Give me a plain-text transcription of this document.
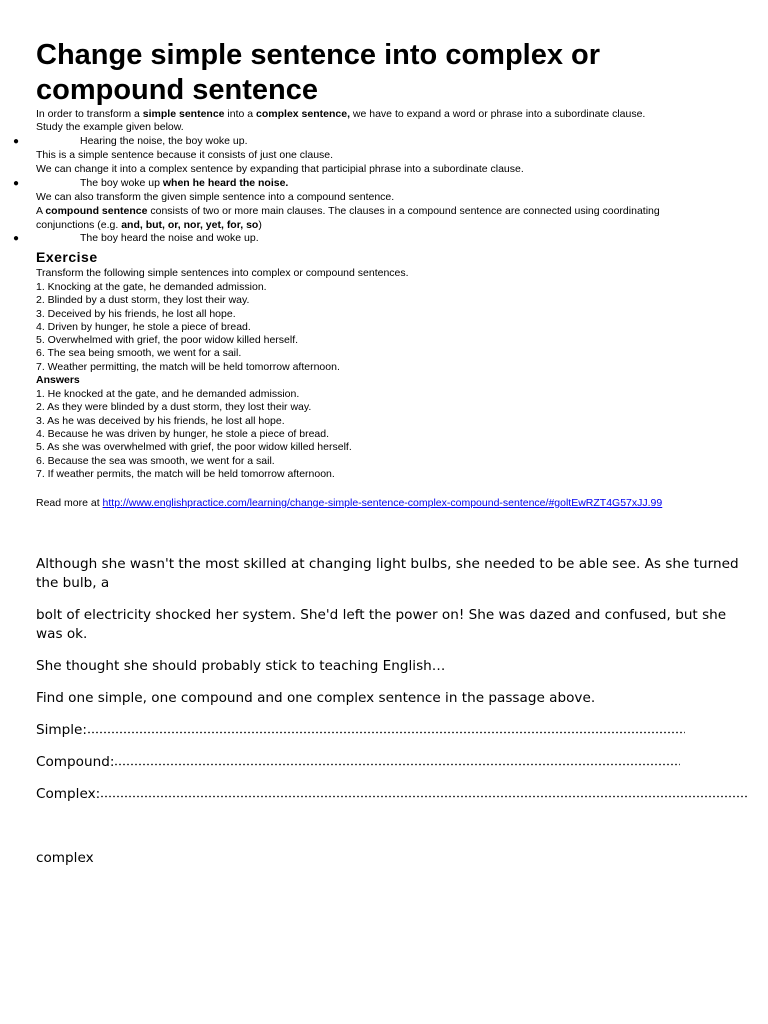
Change simple sentence into complex or compound sentence
In order to transform a simple sentence into a complex sentence, we have to expand a word or phrase into a subordinate clause.
Study the example given below.
●	Hearing the noise, the boy woke up.
This is a simple sentence because it consists of just one clause.
We can change it into a complex sentence by expanding that participial phrase into a subordinate clause.
●	The boy woke up when he heard the noise.
We can also transform the given simple sentence into a compound sentence.
A compound sentence consists of two or more main clauses. The clauses in a compound sentence are connected using coordinating
conjunctions (e.g. and, but, or, nor, yet, for, so)
●	The boy heard the noise and woke up.
Exercise
Transform the following simple sentences into complex or compound sentences.
1. Knocking at the gate, he demanded admission.
2. Blinded by a dust storm, they lost their way.
3. Deceived by his friends, he lost all hope.
4. Driven by hunger, he stole a piece of bread.
5. Overwhelmed with grief, the poor widow killed herself.
6. The sea being smooth, we went for a sail.
7. Weather permitting, the match will be held tomorrow afternoon.
Answers
1. He knocked at the gate, and he demanded admission.
2. As they were blinded by a dust storm, they lost their way.
3. As he was deceived by his friends, he lost all hope.
4. Because he was driven by hunger, he stole a piece of bread.
5. As she was overwhelmed with grief, the poor widow killed herself.
6. Because the sea was smooth, we went for a sail.
7. If weather permits, the match will be held tomorrow afternoon.
Read more at http://www.englishpractice.com/learning/change-simple-sentence-complex-compound-sentence/#goltEwRZT4G57xJJ.99
Although she wasn't the most skilled at changing light bulbs, she needed to be able see. As she turned the bulb, a
bolt of electricity shocked her system. She'd left the power on! She was dazed and confused, but she was ok.
She thought she should probably stick to teaching English…
Find one simple, one compound and one complex sentence in the passage above.
Simple:
Compound:
Complex:
complex
